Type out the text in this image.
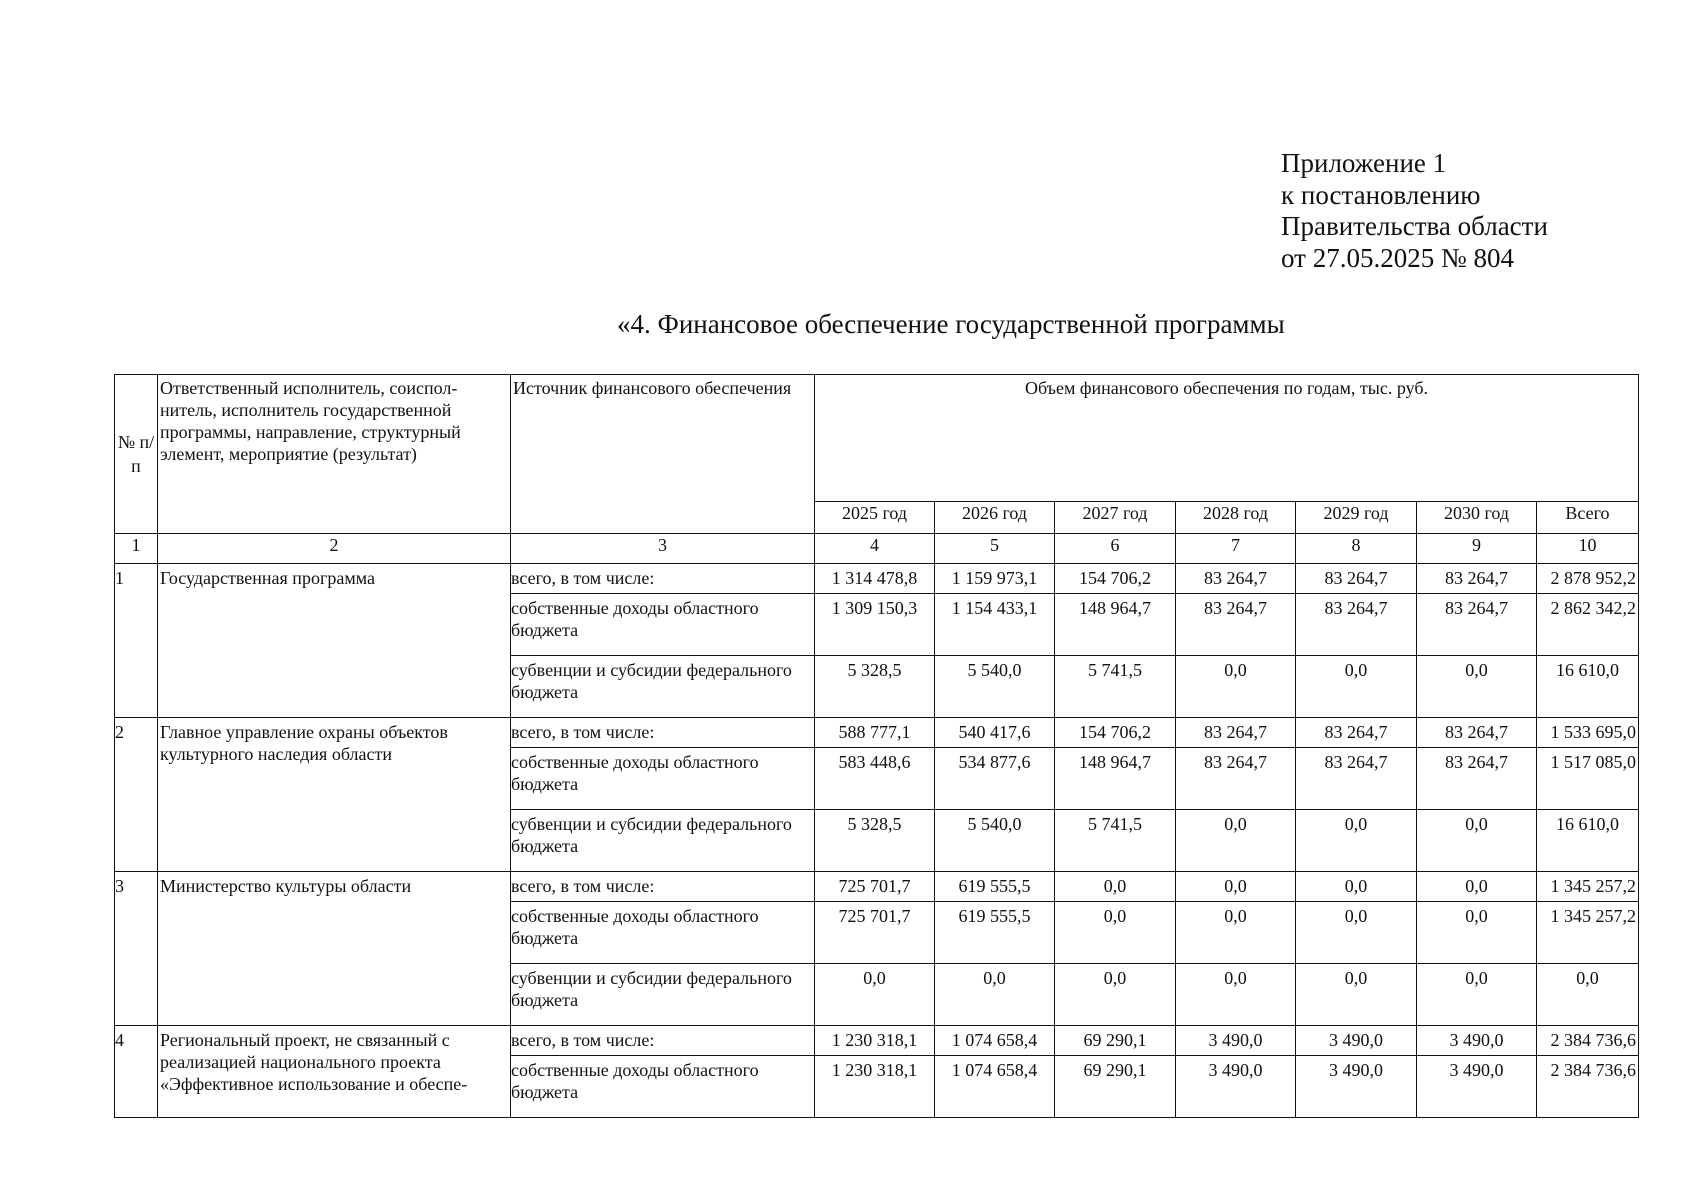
Приложение 1
к постановлению
Правительства области
от 27.05.2025 № 804
«4. Финансовое обеспечение государственной программы
№ п/п	Ответственный исполнитель, соисполнитель, исполнитель государственной программы, направление, структурный элемент, мероприятие (результат)	Источник финансового обеспечения	Объем финансового обеспечения по годам, тыс. руб.						
			2025 год	2026 год	2027 год	2028 год	2029 год	2030 год	Всего
1	2	3	4	5	6	7	8	9	10
1	Государственная программа	всего, в том числе:	1 314 478,8	1 159 973,1	154 706,2	83 264,7	83 264,7	83 264,7	2 878 952,2
		собственные доходы областного бюджета	1 309 150,3	1 154 433,1	148 964,7	83 264,7	83 264,7	83 264,7	2 862 342,2
		субвенции и субсидии федерального бюджета	5 328,5	5 540,0	5 741,5	0,0	0,0	0,0	16 610,0
2	Главное управление охраны объектов культурного наследия области	всего, в том числе:	588 777,1	540 417,6	154 706,2	83 264,7	83 264,7	83 264,7	1 533 695,0
		собственные доходы областного бюджета	583 448,6	534 877,6	148 964,7	83 264,7	83 264,7	83 264,7	1 517 085,0
		субвенции и субсидии федерального бюджета	5 328,5	5 540,0	5 741,5	0,0	0,0	0,0	16 610,0
3	Министерство культуры области	всего, в том числе:	725 701,7	619 555,5	0,0	0,0	0,0	0,0	1 345 257,2
		собственные доходы областного бюджета	725 701,7	619 555,5	0,0	0,0	0,0	0,0	1 345 257,2
		субвенции и субсидии федерального бюджета	0,0	0,0	0,0	0,0	0,0	0,0	0,0
4	Региональный проект, не связанный с реализацией национального проекта «Эффективное использование и обеспе-	всего, в том числе:	1 230 318,1	1 074 658,4	69 290,1	3 490,0	3 490,0	3 490,0	2 384 736,6
		собственные доходы областного бюджета	1 230 318,1	1 074 658,4	69 290,1	3 490,0	3 490,0	3 490,0	2 384 736,6
